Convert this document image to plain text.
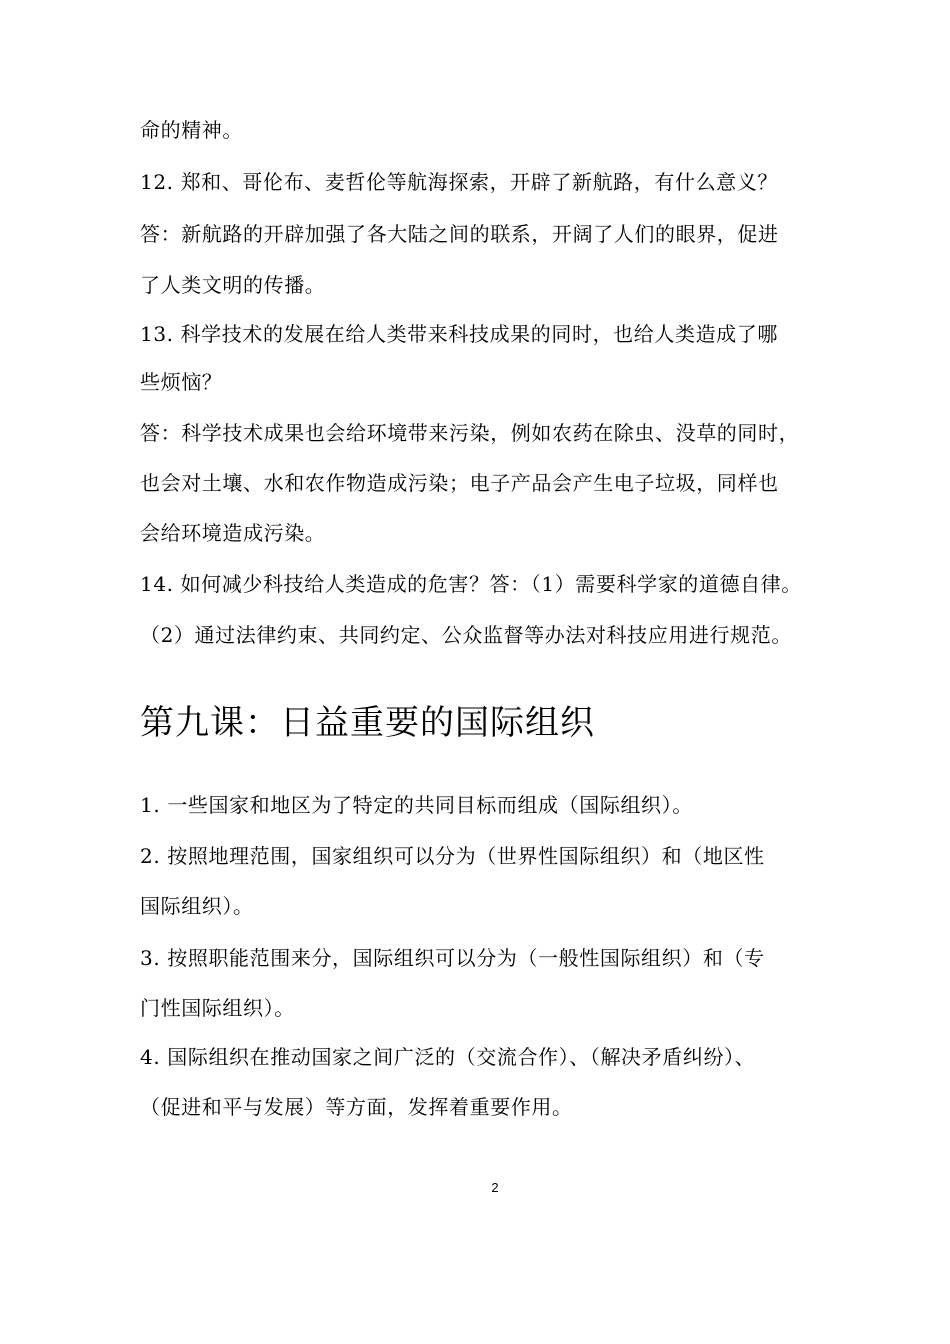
命的精神。
12. 郑和、哥伦布、麦哲伦等航海探索，开辟了新航路，有什么意义？
答：新航路的开辟加强了各大陆之间的联系，开阔了人们的眼界，促进
了人类文明的传播。
13. 科学技术的发展在给人类带来科技成果的同时，也给人类造成了哪
些烦恼？
答：科学技术成果也会给环境带来污染，例如农药在除虫、没草的同时，
也会对土壤、水和农作物造成污染；电子产品会产生电子垃圾，同样也
会给环境造成污染。
14. 如何减少科技给人类造成的危害？答：（1）需要科学家的道德自律。
（2）通过法律约束、共同约定、公众监督等办法对科技应用进行规范。
第九课：日益重要的国际组织
1. 一些国家和地区为了特定的共同目标而组成（国际组织）。
2. 按照地理范围，国家组织可以分为（世界性国际组织）和（地区性
国际组织）。
3. 按照职能范围来分，国际组织可以分为（一般性国际组织）和（专
门性国际组织）。
4. 国际组织在推动国家之间广泛的（交流合作）、（解决矛盾纠纷）、
（促进和平与发展）等方面，发挥着重要作用。
2
